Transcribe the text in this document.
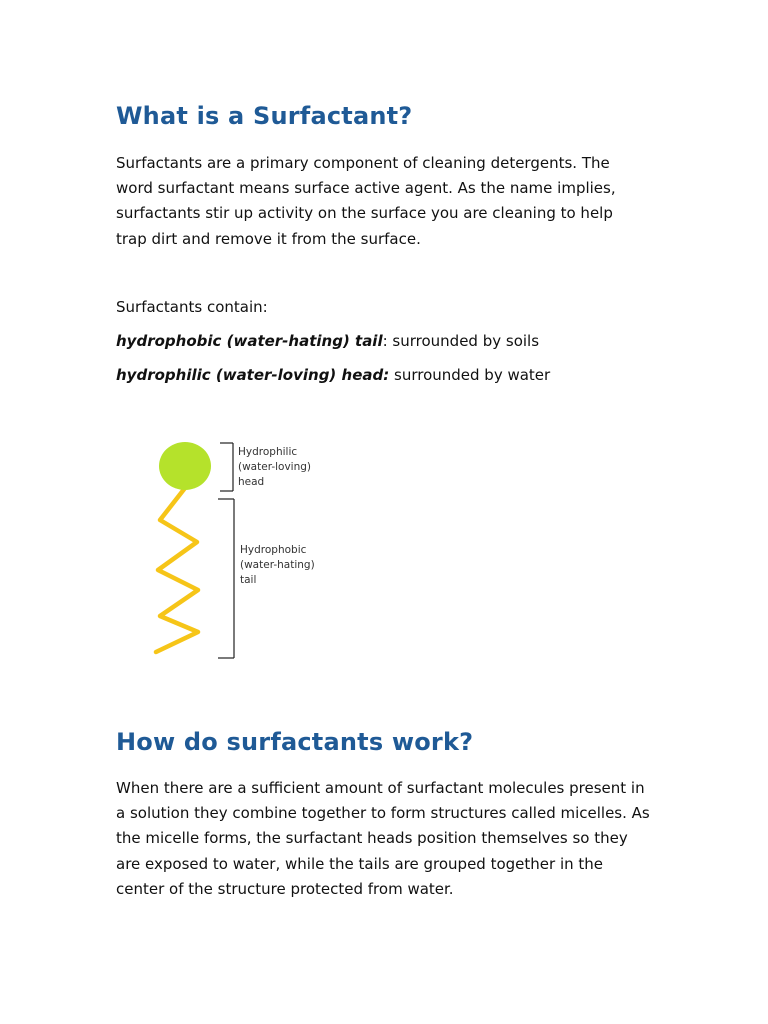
What is a Surfactant?

Surfactants are a primary component of cleaning detergents. The word surfactant means surface active agent. As the name implies, surfactants stir up activity on the surface you are cleaning to help trap dirt and remove it from the surface.

Surfactants contain:

hydrophobic (water-hating) tail: surrounded by soils

hydrophilic (water-loving) head: surrounded by water

How do surfactants work?

When there are a sufficient amount of surfactant molecules present in a solution they combine together to form structures called micelles. As the micelle forms, the surfactant heads position themselves so they are exposed to water, while the tails are grouped together in the center of the structure protected from water.

Hydrophilic (water-loving) head
Hydrophobic (water-hating) tail
